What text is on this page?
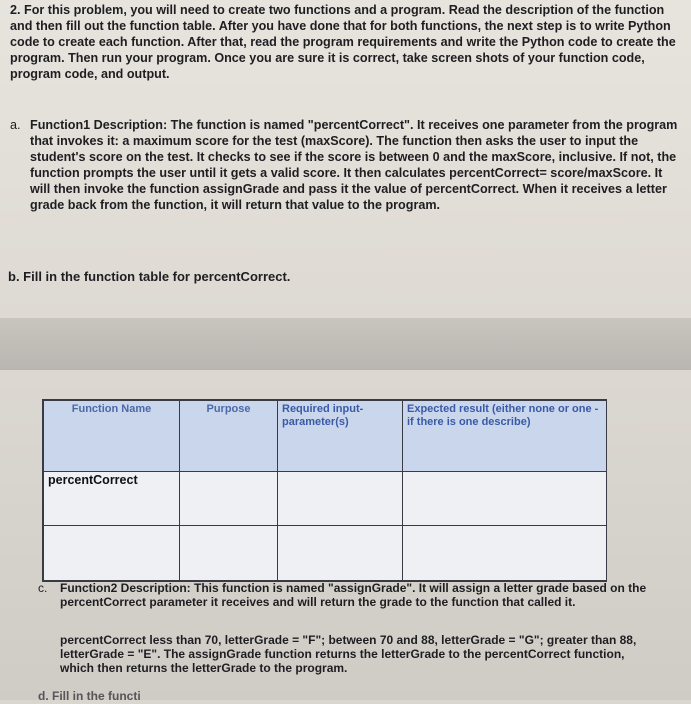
2. For this problem, you will need to create two functions and a program. Read the description of the function and then fill out the function table. After you have done that for both functions, the next step is to write Python code to create each function. After that, read the program requirements and write the Python code to create the program. Then run your program. Once you are sure it is correct, take screen shots of your function code, program code, and output.

a. Function1 Description: The function is named "percentCorrect". It receives one parameter from the program that invokes it: a maximum score for the test (maxScore). The function then asks the user to input the student's score on the test. It checks to see if the score is between 0 and the maxScore, inclusive. If not, the function prompts the user until it gets a valid score. It then calculates percentCorrect= score/maxScore. It will then invoke the function assignGrade and pass it the value of percentCorrect. When it receives a letter grade back from the function, it will return that value to the program.

b. Fill in the function table for percentCorrect.

Function Name	Purpose	Required input-parameter(s)	Expected result (either none or one - if there is one describe)
percentCorrect			

c. Function2 Description: This function is named "assignGrade". It will assign a letter grade based on the percentCorrect parameter it receives and will return the grade to the function that called it.

percentCorrect less than 70, letterGrade = "F"; between 70 and 88, letterGrade = "G"; greater than 88, letterGrade = "E". The assignGrade function returns the letterGrade to the percentCorrect function, which then returns the letterGrade to the program.

d. Fill in the functi
